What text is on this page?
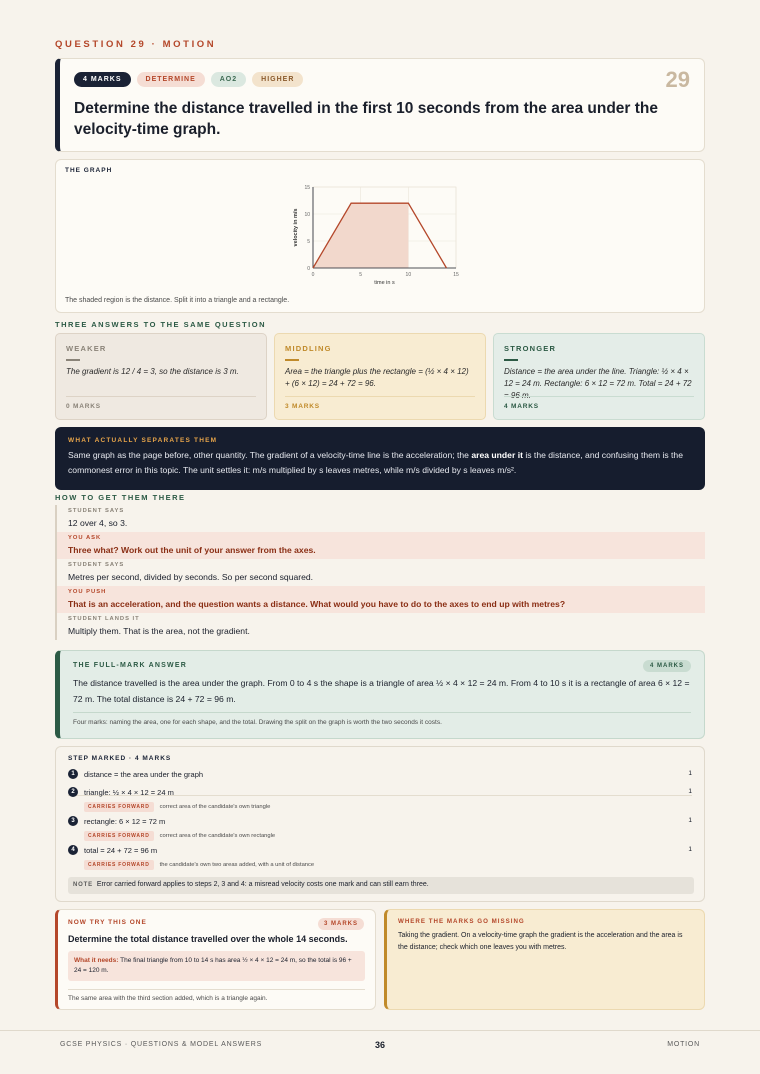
QUESTION 29 · MOTION
4 MARKS	DETERMINE	AO2	HIGHER	29
Determine the distance travelled in the first 10 seconds from the area under the velocity-time graph.
THE GRAPH
0	5	10	15
0
5
10
15
time in s
velocity in m/s
The shaded region is the distance. Split it into a triangle and a rectangle.
THREE ANSWERS TO THE SAME QUESTION
WEAKER
The gradient is 12 / 4 = 3, so the distance is 3 m.
0 MARKS
MIDDLING
Area = the triangle plus the rectangle = (½ × 4 × 12) + (6 × 12) = 24 + 72 = 96.
3 MARKS
STRONGER
Distance = the area under the line. Triangle: ½ × 4 × 12 = 24 m. Rectangle: 6 × 12 = 72 m. Total = 24 + 72
4 MARKS
WHAT ACTUALLY SEPARATES THEM
Same graph as the page before, other quantity. The gradient of a velocity-time line is the acceleration; the area under it is the distance, and confusing them is the commonest error in this topic. The unit settles it: m/s multiplied by s leaves metres, while m/s divided by s leaves m/s².
HOW TO GET THEM THERE
STUDENT SAYS
12 over 4, so 3.
YOU ASK
Three what? Work out the unit of your answer from the axes.
STUDENT SAYS
Metres per second, divided by seconds. So per second squared.
YOU PUSH
That is an acceleration, and the question wants a distance. What would you have to do to the axes to end up with metres?
STUDENT LANDS IT
Multiply them. That is the area, not the gradient.
THE FULL-MARK ANSWER	4 MARKS
The distance travelled is the area under the graph. From 0 to 4 s the shape is a triangle of area ½ × 4 × 12 = 24 m. From 4 to 10 s it is a rectangle of area 6 × 12 = 72 m. The total distance is 24 + 72 = 96 m.
Four marks: naming the area, one for each shape, and the total. Drawing the split on the graph is worth the two seconds it costs.
STEP MARKED · 4 MARKS
1	distance = the area under the graph	1
2	triangle: ½ × 4 × 12 = 24 m	1
CARRIES FORWARD	correct area of the candidate's own triangle
3	rectangle: 6 × 12 = 72 m	1
CARRIES FORWARD	correct area of the candidate's own rectangle
4	total = 24 + 72 = 96 m	1
CARRIES FORWARD	the candidate's own two areas added, with a unit of distance
NOTE Error carried forward applies to steps 2, 3 and 4: a misread velocity costs one mark and can still earn three.
NOW TRY THIS ONE	3 MARKS
Determine the total distance travelled over the whole 14 seconds.
What it needs: The final triangle from 10 to 14 s has area ½ × 4 × 12 = 24 m, so the total is 96 + 24 = 120 m.
The same area with the third section added, which is a triangle again.
WHERE THE MARKS GO MISSING
Taking the gradient. On a velocity-time graph the gradient is the acceleration and the area is the distance; check which one leaves you with metres.
GCSE PHYSICS · QUESTIONS & MODEL ANSWERS	36	MOTION
